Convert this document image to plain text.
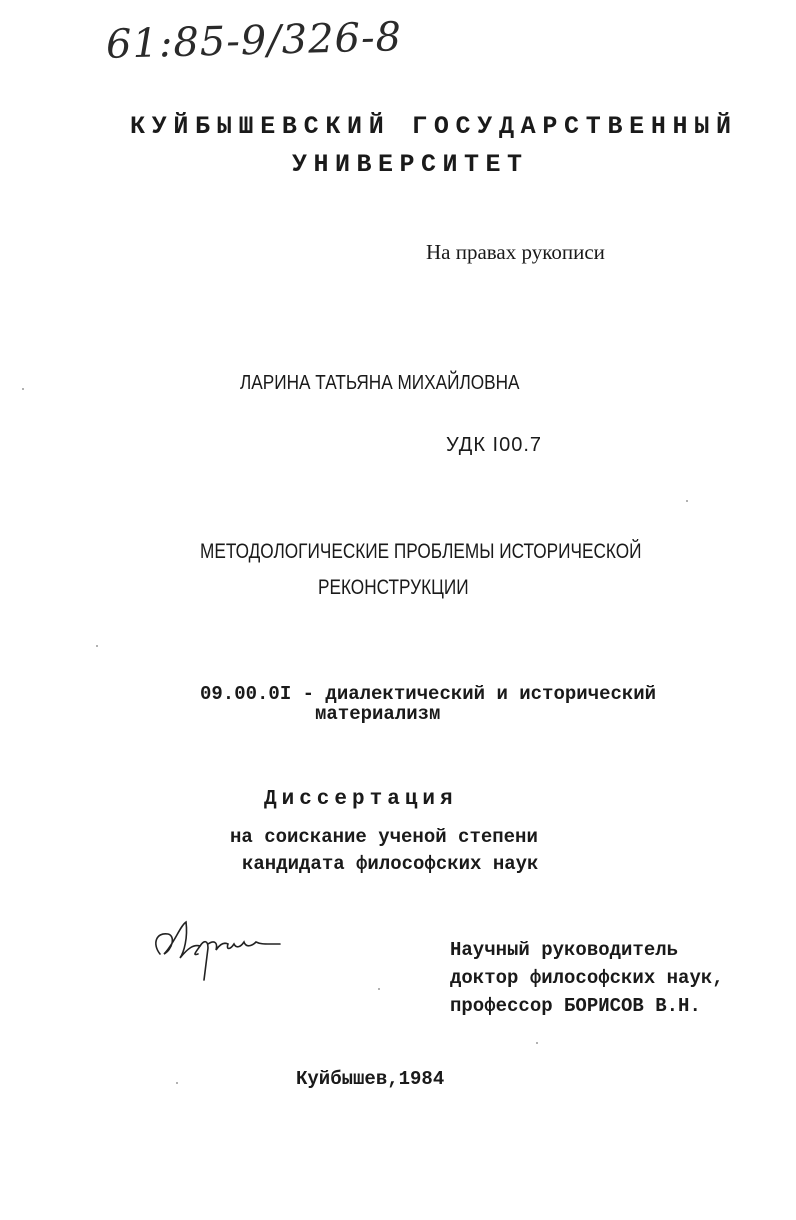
61:85-9/326-8
КУЙБЫШЕВСКИЙ ГОСУДАРСТВЕННЫЙ
УНИВЕРСИТЕТ
На правах рукописи
ЛАРИНА ТАТЬЯНА МИХАЙЛОВНА
УДК I00.7
МЕТОДОЛОГИЧЕСКИЕ ПРОБЛЕМЫ ИСТОРИЧЕСКОЙ
РЕКОНСТРУКЦИИ
09.00.0I - диалектический и исторический
материализм
Диссертация
на соискание ученой степени
кандидата философских наук
Научный руководитель
доктор философских наук,
профессор БОРИСОВ В.Н.
Куйбышев,1984
